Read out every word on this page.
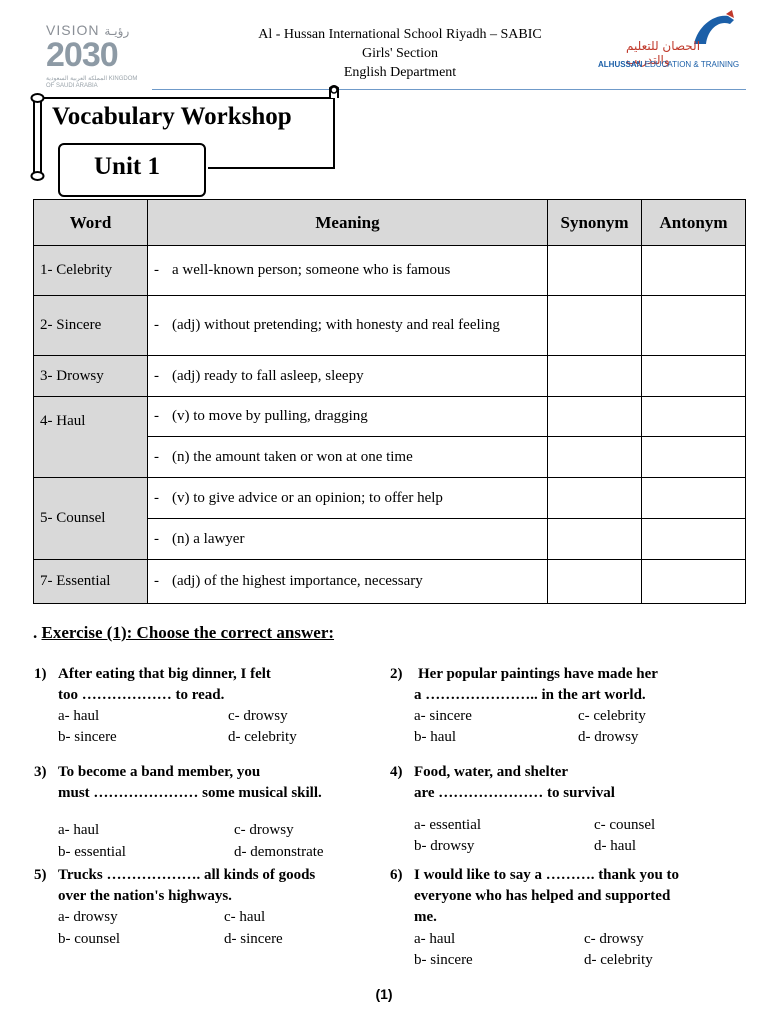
VISION رؤيـة
2030
المملكة العربية السعودية KINGDOM OF SAUDI ARABIA
Al - Hussan International School Riyadh – SABIC
Girls' Section
English Department
الحصان للتعليم والتدريب
ALHUSSAN EDUCATION & TRAINING
Vocabulary Workshop
Unit 1
Word	Meaning	Synonym	Antonym
1- Celebrity	- a well-known person; someone who is famous		
2- Sincere	- (adj) without pretending; with honesty and real feeling		
3- Drowsy	- (adj) ready to fall asleep, sleepy		
4- Haul	- (v) to move by pulling, dragging		
	- (n) the amount taken or won at one time		
5- Counsel	- (v) to give advice or an opinion; to offer help		
	- (n) a lawyer		
7- Essential	- (adj) of the highest importance, necessary		
. Exercise (1): Choose the correct answer:
1) After eating that big dinner, I felt
too ……………… to read.
a- haul
b- sincere
c- drowsy
d- celebrity
2) Her popular paintings have made her
a ………………….. in the art world.
a- sincere
b- haul
c- celebrity
d- drowsy
3) To become a band member, you
must ………………… some musical skill.
a- haul
b- essential
c- drowsy
d- demonstrate
4) Food, water, and shelter
are ………………… to survival
a- essential
b- drowsy
c- counsel
d- haul
5) Trucks ………………. all kinds of goods
over the nation's highways.
a- drowsy
b- counsel
c- haul
d- sincere
6) I would like to say a ………. thank you to
everyone who has helped and supported
me.
a- haul
b- sincere
c- drowsy
d- celebrity
(1)
